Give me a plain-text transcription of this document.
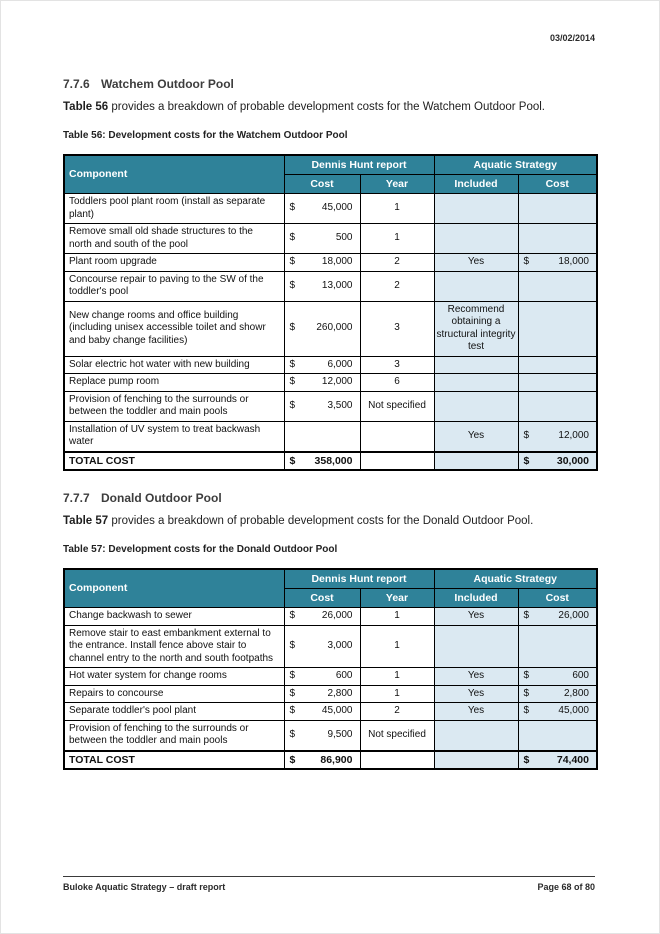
03/02/2014
7.7.6 Watchem Outdoor Pool

Table 56 provides a breakdown of probable development costs for the Watchem Outdoor Pool.

Table 56: Development costs for the Watchem Outdoor Pool
Component	Dennis Hunt report		Aquatic Strategy	
	Cost	Year	Included	Cost
Toddlers pool plant room (install as separate plant)	$ 45,000	1		
Remove small old shade structures to the north and south of the pool	$ 500	1		
Plant room upgrade	$ 18,000	2	Yes	$ 18,000
Concourse repair to paving to the SW of the toddler's pool	$ 13,000	2		
New change rooms and office building (including unisex accessible toilet and showr and baby change facilities)	$ 260,000	3	Recommend obtaining a structural integrity test	
Solar electric hot water with new building	$ 6,000	3		
Replace pump room	$ 12,000	6		
Provision of fenching to the surrounds or between the toddler and main pools	$ 3,500	Not specified		
Installation of UV system to treat backwash water			Yes	$ 12,000
TOTAL COST	$ 358,000			$ 30,000
7.7.7 Donald Outdoor Pool

Table 57 provides a breakdown of probable development costs for the Donald Outdoor Pool.

Table 57: Development costs for the Donald Outdoor Pool
Component	Dennis Hunt report		Aquatic Strategy	
	Cost	Year	Included	Cost
Change backwash to sewer	$ 26,000	1	Yes	$ 26,000
Remove stair to east embankment external to the entrance. Install fence above stair to channel entry to the north and south footpaths	$ 3,000	1		
Hot water system for change rooms	$ 600	1	Yes	$ 600
Repairs to concourse	$ 2,800	1	Yes	$ 2,800
Separate toddler's pool plant	$ 45,000	2	Yes	$ 45,000
Provision of fenching to the surrounds or between the toddler and main pools	$ 9,500	Not specified		
TOTAL COST	$ 86,900			$ 74,400
Buloke Aquatic Strategy – draft report	Page 68 of 80
